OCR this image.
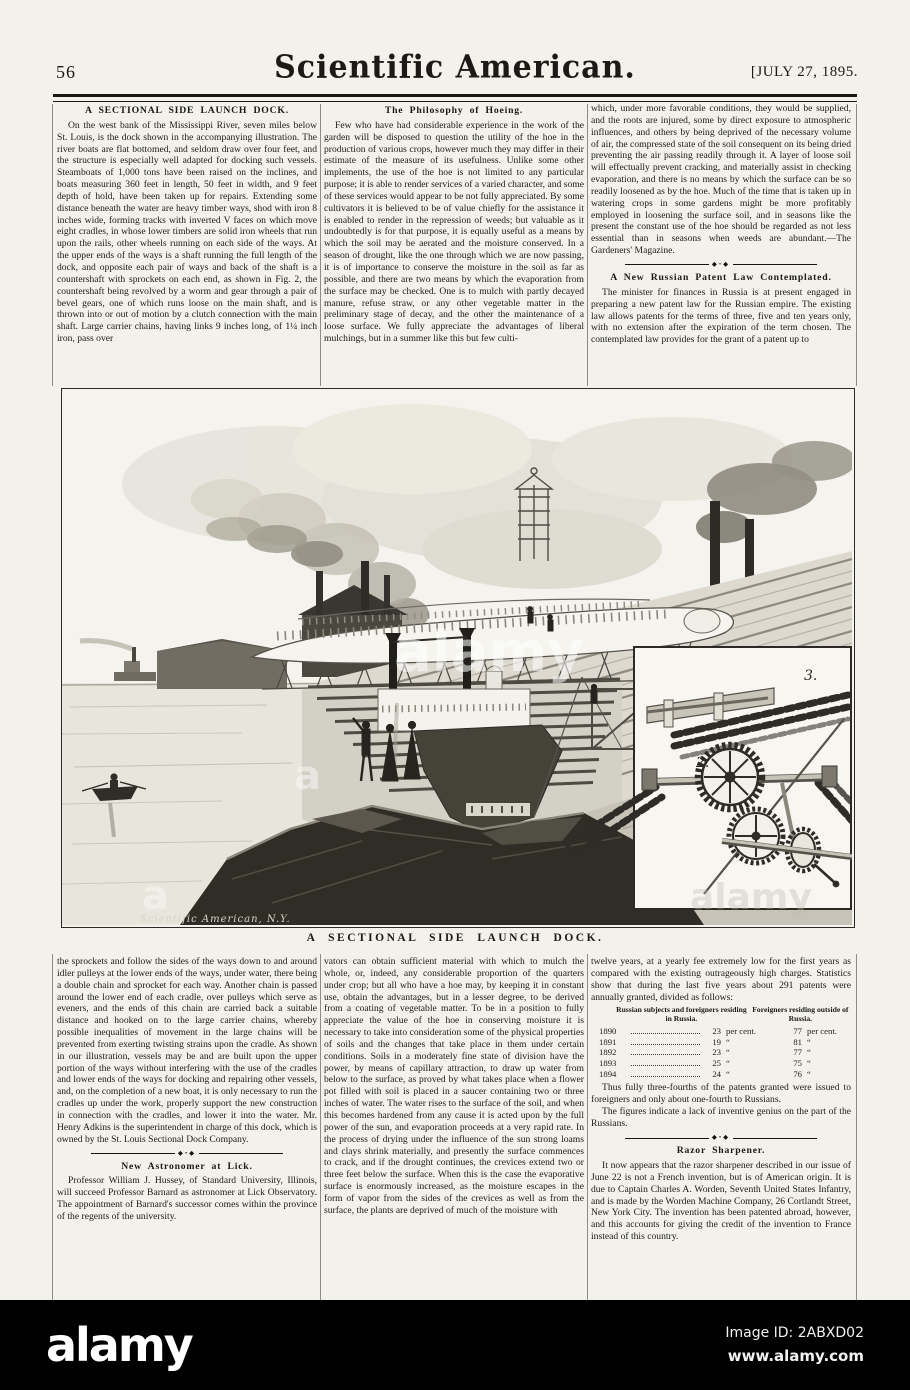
56	Scientific American.	[JULY 27, 1895.
A SECTIONAL SIDE LAUNCH DOCK.

On the west bank of the Mississippi River, seven miles below St. Louis, is the dock shown in the accompanying illustration. The river boats are flat bottomed, and seldom draw over four feet, and the structure is especially well adapted for docking such vessels. Steamboats of 1,000 tons have been raised on the inclines, and boats measuring 360 feet in length, 50 feet in width, and 9 feet depth of hold, have been taken up for repairs. Extending some distance beneath the water are heavy timber ways, shod with iron 8 inches wide, forming tracks with inverted V faces on which move eight cradles, in whose lower timbers are solid iron wheels that run upon the rails, other wheels running on each side of the ways. At the upper ends of the ways is a shaft running the full length of the dock, and opposite each pair of ways and back of the shaft is a countershaft with sprockets on each end, as shown in Fig. 2, the countershaft being revolved by a worm and gear through a pair of bevel gears, one of which runs loose on the main shaft, and is thrown into or out of motion by a clutch connection with the main shaft. Large carrier chains, having links 9 inches long, of 1¼ inch iron, pass over

The Philosophy of Hoeing.

Few who have had considerable experience in the work of the garden will be disposed to question the utility of the hoe in the production of various crops, however much they may differ in their estimate of the measure of its usefulness. Unlike some other implements, the use of the hoe is not limited to any particular purpose; it is able to render services of a varied character, and some of these services would appear to be not fully appreciated. By some cultivators it is believed to be of value chiefly for the assistance it is enabled to render in the repression of weeds; but valuable as it undoubtedly is for that purpose, it is equally useful as a means by which the soil may be aerated and the moisture conserved. In a season of drought, like the one through which we are now passing, it is of importance to conserve the moisture in the soil as far as possible, and there are two means by which the evaporation from the surface may be checked. One is to mulch with partly decayed manure, refuse straw, or any other vegetable matter in the preliminary stage of decay, and the other the maintenance of a loose surface. We fully appreciate the advantages of liberal mulchings, but in a summer like this but few culti-

which, under more favorable conditions, they would be supplied, and the roots are injured, some by direct exposure to atmospheric influences, and others by being deprived of the necessary volume of air, the compressed state of the soil consequent on its being dried preventing the air passing readily through it. A layer of loose soil will effectually prevent cracking, and materially assist in checking evaporation, and there is no means by which the surface can be so readily loosened as by the hoe. Much of the time that is taken up in watering crops in some gardens might be more profitably employed in loosening the surface soil, and in seasons like the present the constant use of the hoe should be regarded as not less essential than in seasons when weeds are abundant.—The Gardeners' Magazine.

◆•◆
A New Russian Patent Law Contemplated.

The minister for finances in Russia is at present engaged in preparing a new patent law for the Russian empire. The existing law allows patents for the terms of three, five and ten years only, with no extension after the expiration of the term chosen. The contemplated law provides for the grant of a patent up to

3.
2.
Scientific American, N.Y.
alamy
a
a	alamy
A SECTIONAL SIDE LAUNCH DOCK.

the sprockets and follow the sides of the ways down to and around idler pulleys at the lower ends of the ways, under water, there being a double chain and sprocket for each way. Another chain is passed around the lower end of each cradle, over pulleys which serve as eveners, and the ends of this chain are carried back a suitable distance and hooked on to the large carrier chains, whereby possible inequalities of movement in the large chains will be prevented from exerting twisting strains upon the cradle. As shown in our illustration, vessels may be and are built upon the upper portion of the ways without interfering with the use of the cradles and lower ends of the ways for docking and repairing other vessels, and, on the completion of a new boat, it is only necessary to run the cradles up under the work, properly support the new construction in connection with the cradles, and lower it into the water. Mr. Henry Adkins is the superintendent in charge of this dock, which is owned by the St. Louis Sectional Dock Company.

◆•◆
New Astronomer at Lick.

Professor William J. Hussey, of Standard University, Illinois, will succeed Professor Barnard as astronomer at Lick Observatory. The appointment of Barnard's successor comes within the province of the regents of the university.

vators can obtain sufficient material with which to mulch the whole, or, indeed, any considerable proportion of the quarters under crop; but all who have a hoe may, by keeping it in constant use, obtain the advantages, but in a lesser degree, to be derived from a coating of vegetable matter. To be in a position to fully appreciate the value of the hoe in conserving moisture it is necessary to take into consideration some of the physical properties of soils and the changes that take place in them under certain conditions. Soils in a moderately fine state of division have the power, by means of capillary attraction, to draw up water from below to the surface, as proved by what takes place when a flower pot filled with soil is placed in a saucer containing two or three inches of water. The water rises to the surface of the soil, and when this becomes hardened from any cause it is acted upon by the full power of the sun, and evaporation proceeds at a very rapid rate. In the process of drying under the influence of the sun strong loams and clays shrink materially, and presently the surface commences to crack, and if the drought continues, the crevices extend two or three feet below the surface. When this is the case the evaporative surface is enormously increased, as the moisture escapes in the form of vapor from the sides of the crevices as well as from the surface, the plants are deprived of much of the moisture with

twelve years, at a yearly fee extremely low for the first years as compared with the existing outrageously high charges. Statistics show that during the last five years about 291 patents were annually granted, divided as follows:

Russian subjects and foreigners residing in Russia.
Foreigners residing outside of Russia.
1890	23 per cent.	77 per cent.
1891	19 “	81 “
1892	23 “	77 “
1893	25 “	75 “
1894	24 “	76 “

Thus fully three-fourths of the patents granted were issued to foreigners and only about one-fourth to Russians.

The figures indicate a lack of inventive genius on the part of the Russians.

◆•◆
Razor Sharpener.

It now appears that the razor sharpener described in our issue of June 22 is not a French invention, but is of American origin. It is due to Captain Charles A. Worden, Seventh United States Infantry, and is made by the Worden Machine Company, 26 Cortlandt Street, New York City. The invention has been patented abroad, however, and this accounts for giving the credit of the invention to France instead of this country.

alamy	Image ID: 2ABXD02
www.alamy.com
